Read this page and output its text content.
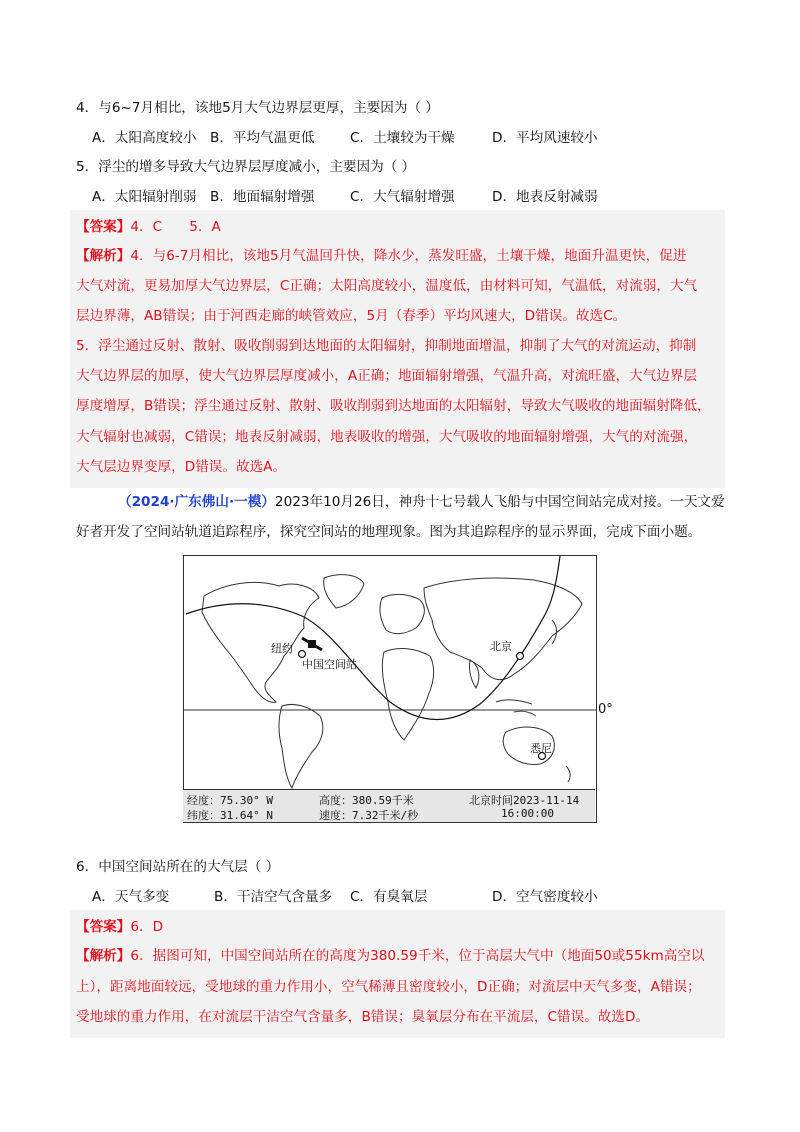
4．与6~7月相比，该地5月大气边界层更厚，主要因为（ ）
A．太阳高度较小 B．平均气温更低	C．土壤较为干燥	D．平均风速较小
5．浮尘的增多导致大气边界层厚度减小，主要因为（ ）
A．太阳辐射削弱 B．地面辐射增强	C．大气辐射增强	D．地表反射减弱
【答案】4．C　　5．A
【解析】4．与6-7月相比，该地5月气温回升快，降水少，蒸发旺盛，土壤干燥，地面升温更快，促进
大气对流，更易加厚大气边界层，C正确；太阳高度较小，温度低，由材料可知，气温低，对流弱，大气
层边界薄，AB错误；由于河西走廊的峡管效应，5月（春季）平均风速大，D错误。故选C。
5．浮尘通过反射、散射、吸收削弱到达地面的太阳辐射，抑制地面增温，抑制了大气的对流运动，抑制
大气边界层的加厚，使大气边界层厚度减小，A正确；地面辐射增强，气温升高，对流旺盛，大气边界层
厚度增厚，B错误；浮尘通过反射、散射、吸收削弱到达地面的太阳辐射，导致大气吸收的地面辐射降低，
大气辐射也减弱，C错误；地表反射减弱，地表吸收的增强，大气吸收的地面辐射增强，大气的对流强，
大气层边界变厚，D错误。故选A。
（2024·广东佛山·一模）2023年10月26日，神舟十七号载人飞船与中国空间站完成对接。一天文爱
好者开发了空间站轨道追踪程序，探究空间站的地理现象。图为其追踪程序的显示界面，完成下面小题。
纽约
中国空间站
北京
悉尼
0°
经度：75.30° W
纬度：31.64° N
高度：380.59千米
速度：7.32千米/秒
北京时间2023-11-14
16:00:00
6．中国空间站所在的大气层（ ）
A．天气多变	B．干洁空气含量多 C．有臭氧层	D．空气密度较小
【答案】6．D
【解析】6．据图可知，中国空间站所在的高度为380.59千米，位于高层大气中（地面50或55km高空以
上），距离地面较远，受地球的重力作用小，空气稀薄且密度较小，D正确；对流层中天气多变，A错误；
受地球的重力作用，在对流层干洁空气含量多，B错误；臭氧层分布在平流层，C错误。故选D。
